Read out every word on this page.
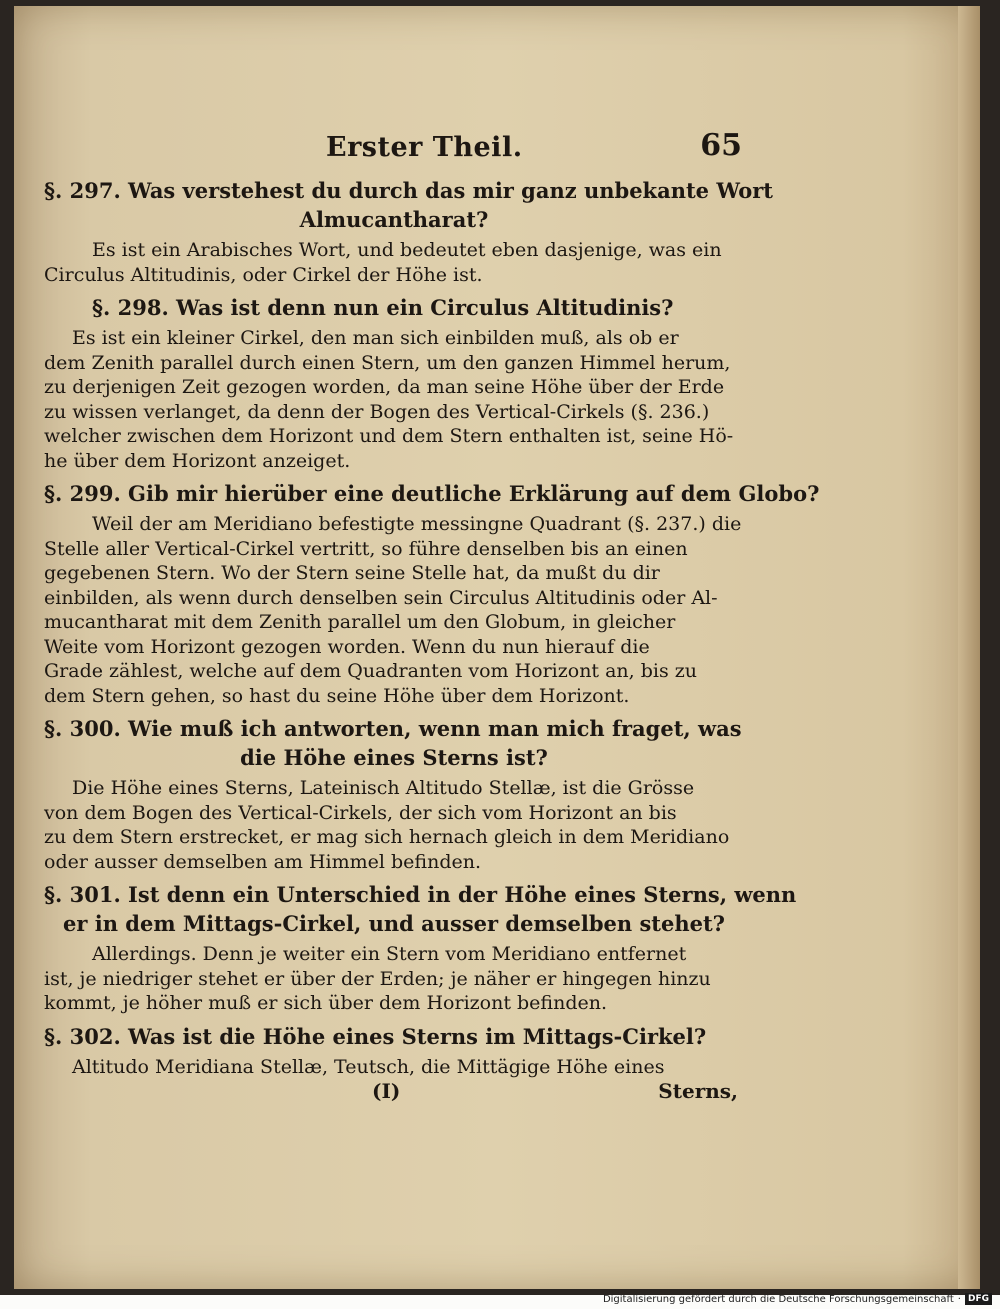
Erster Theil.	65
§. 297. Was verstehest du durch das mir ganz unbekante Wort
Almucantharat?
Es ist ein Arabisches Wort, und bedeutet eben dasjenige, was ein
Circulus Altitudinis, oder Cirkel der Höhe ist.
§. 298. Was ist denn nun ein Circulus Altitudinis?
Es ist ein kleiner Cirkel, den man sich einbilden muß, als ob er
dem Zenith parallel durch einen Stern, um den ganzen Himmel herum,
zu derjenigen Zeit gezogen worden, da man seine Höhe über der Erde
zu wissen verlanget, da denn der Bogen des Vertical-Cirkels (§. 236.)
welcher zwischen dem Horizont und dem Stern enthalten ist, seine Hö-
he über dem Horizont anzeiget.
§. 299. Gib mir hierüber eine deutliche Erklärung auf dem Globo?
Weil der am Meridiano befestigte messingne Quadrant (§. 237.) die
Stelle aller Vertical-Cirkel vertritt, so führe denselben bis an einen
gegebenen Stern. Wo der Stern seine Stelle hat, da mußt du dir
einbilden, als wenn durch denselben sein Circulus Altitudinis oder Al-
mucantharat mit dem Zenith parallel um den Globum, in gleicher
Weite vom Horizont gezogen worden. Wenn du nun hierauf die
Grade zählest, welche auf dem Quadranten vom Horizont an, bis zu
dem Stern gehen, so hast du seine Höhe über dem Horizont.
§. 300. Wie muß ich antworten, wenn man mich fraget, was
die Höhe eines Sterns ist?
Die Höhe eines Sterns, Lateinisch Altitudo Stellæ, ist die Grösse
von dem Bogen des Vertical-Cirkels, der sich vom Horizont an bis
zu dem Stern erstrecket, er mag sich hernach gleich in dem Meridiano
oder ausser demselben am Himmel befinden.
§. 301. Ist denn ein Unterschied in der Höhe eines Sterns, wenn
er in dem Mittags-Cirkel, und ausser demselben stehet?
Allerdings. Denn je weiter ein Stern vom Meridiano entfernet
ist, je niedriger stehet er über der Erden; je näher er hingegen hinzu
kommt, je höher muß er sich über dem Horizont befinden.
§. 302. Was ist die Höhe eines Sterns im Mittags-Cirkel?
Altitudo Meridiana Stellæ, Teutsch, die Mittägige Höhe eines
(I)	Sterns,
Digitalisierung gefördert durch die Deutsche Forschungsgemeinschaft · DFG
